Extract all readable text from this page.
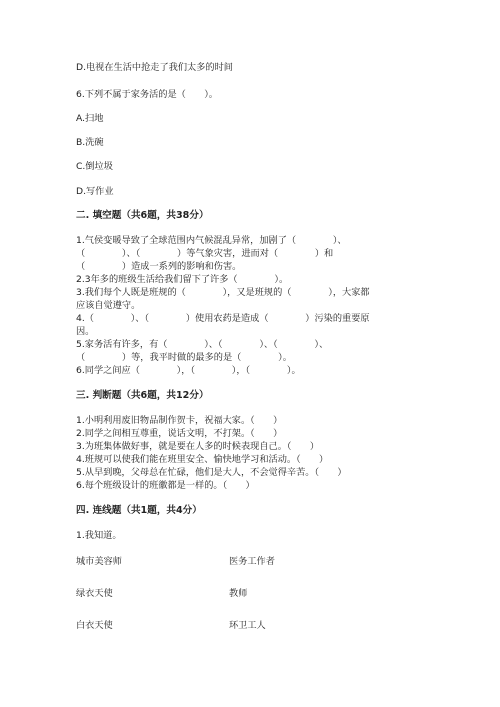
D.电视在生活中抢走了我们太多的时间
6.下列不属于家务活的是（　　）。
A.扫地
B.洗碗
C.倒垃圾
D.写作业
二. 填空题（共6题，共38分）
1.气侯变暖导致了全球范围内气候混乱异常，加剧了（　　　　）、
（　　　　）、（　　　　）等气象灾害，进而对（　　　　）和
（　　　　）造成一系列的影响和伤害。
2.3年多的班级生活给我们留下了许多（　　　　）。
3.我们每个人既是班规的（　　　　），又是班规的（　　　　），大家都
应该自觉遵守。
4.（　　　　）、（　　　　）使用农药是造成（　　　　）污染的重要原
因。
5.家务活有许多，有（　　　　）、（　　　　）、（　　　　）、
（　　　　）等，我平时做的最多的是（　　　　）。
6.同学之间应（　　　　），（　　　　），（　　　　）。
三. 判断题（共6题，共12分）
1.小明利用废旧物品制作贺卡，祝福大家。（　　）
2.同学之间相互尊重，说话文明，不打架。（　　）
3.为班集体做好事，就是要在人多的时候表现自己。（　　）
4.班规可以使我们能在班里安全、愉快地学习和活动。（　　）
5.从早到晚，父母总在忙碌，他们是大人，不会觉得辛苦。（　　）
6.每个班级设计的班徽都是一样的。（　　）
四. 连线题（共1题，共4分）
1.我知道。
城市美容师	医务工作者
绿衣天使	教师
白衣天使	环卫工人
